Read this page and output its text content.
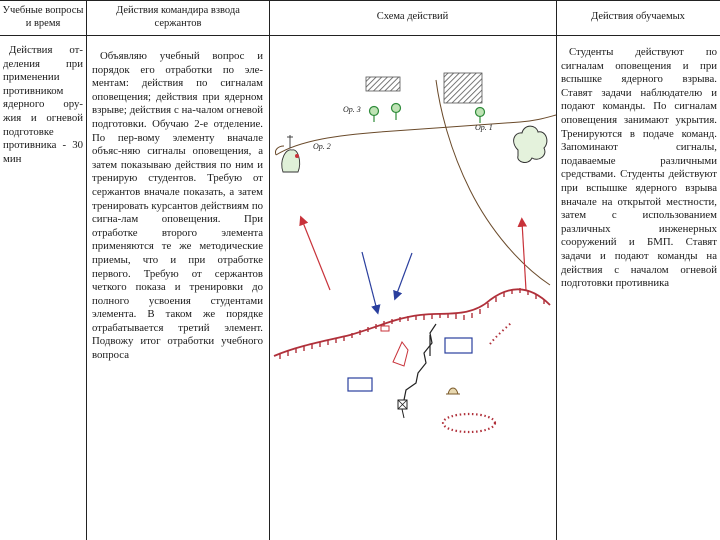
Учебные вопросы и время
Действия командира взвода сержантов
Схема действий	Действия обучаемых
Действия от-деления при применении противником ядерного ору-жия и огневой подготовке противника - 30 мин

Объявляю учебный вопрос и порядок его отработки по эле-ментам: действия по сигналам оповещения; действия при ядерном взрыве; действия с на-чалом огневой подготовки. Обучаю 2-е отделение. По пер-вому элементу вначале объяс-няю сигналы оповещения, а затем показываю действия по ним и тренирую студентов. Требую от сержантов вначале показать, а затем тренировать курсантов действиям по сигна-лам оповещения. При отработке второго элемента применяются те же методические приемы, что и при отработке первого. Требую от сержантов четкого показа и тренировки до полного усвоения студентами элемента. В таком же порядке отрабатывается третий элемент. Подвожу итог отработки учебного вопроса

Студенты действуют по сигналам оповещения и при вспышке ядерного взрыва. Ставят задачи наблюдателю и подают команды. По сигналам оповещения занимают укрытия. Тренируются в подаче команд. Запоминают сигналы, подаваемые различными средствами. Студенты действуют при вспышке ядерного взрыва вначале на открытой местности, затем с использованием различных инженерных сооружений и БМП. Ставят задачи и подают команды на действия с началом огневой подготовки противника
Ор. 3
Ор. 2
Ор. 1
